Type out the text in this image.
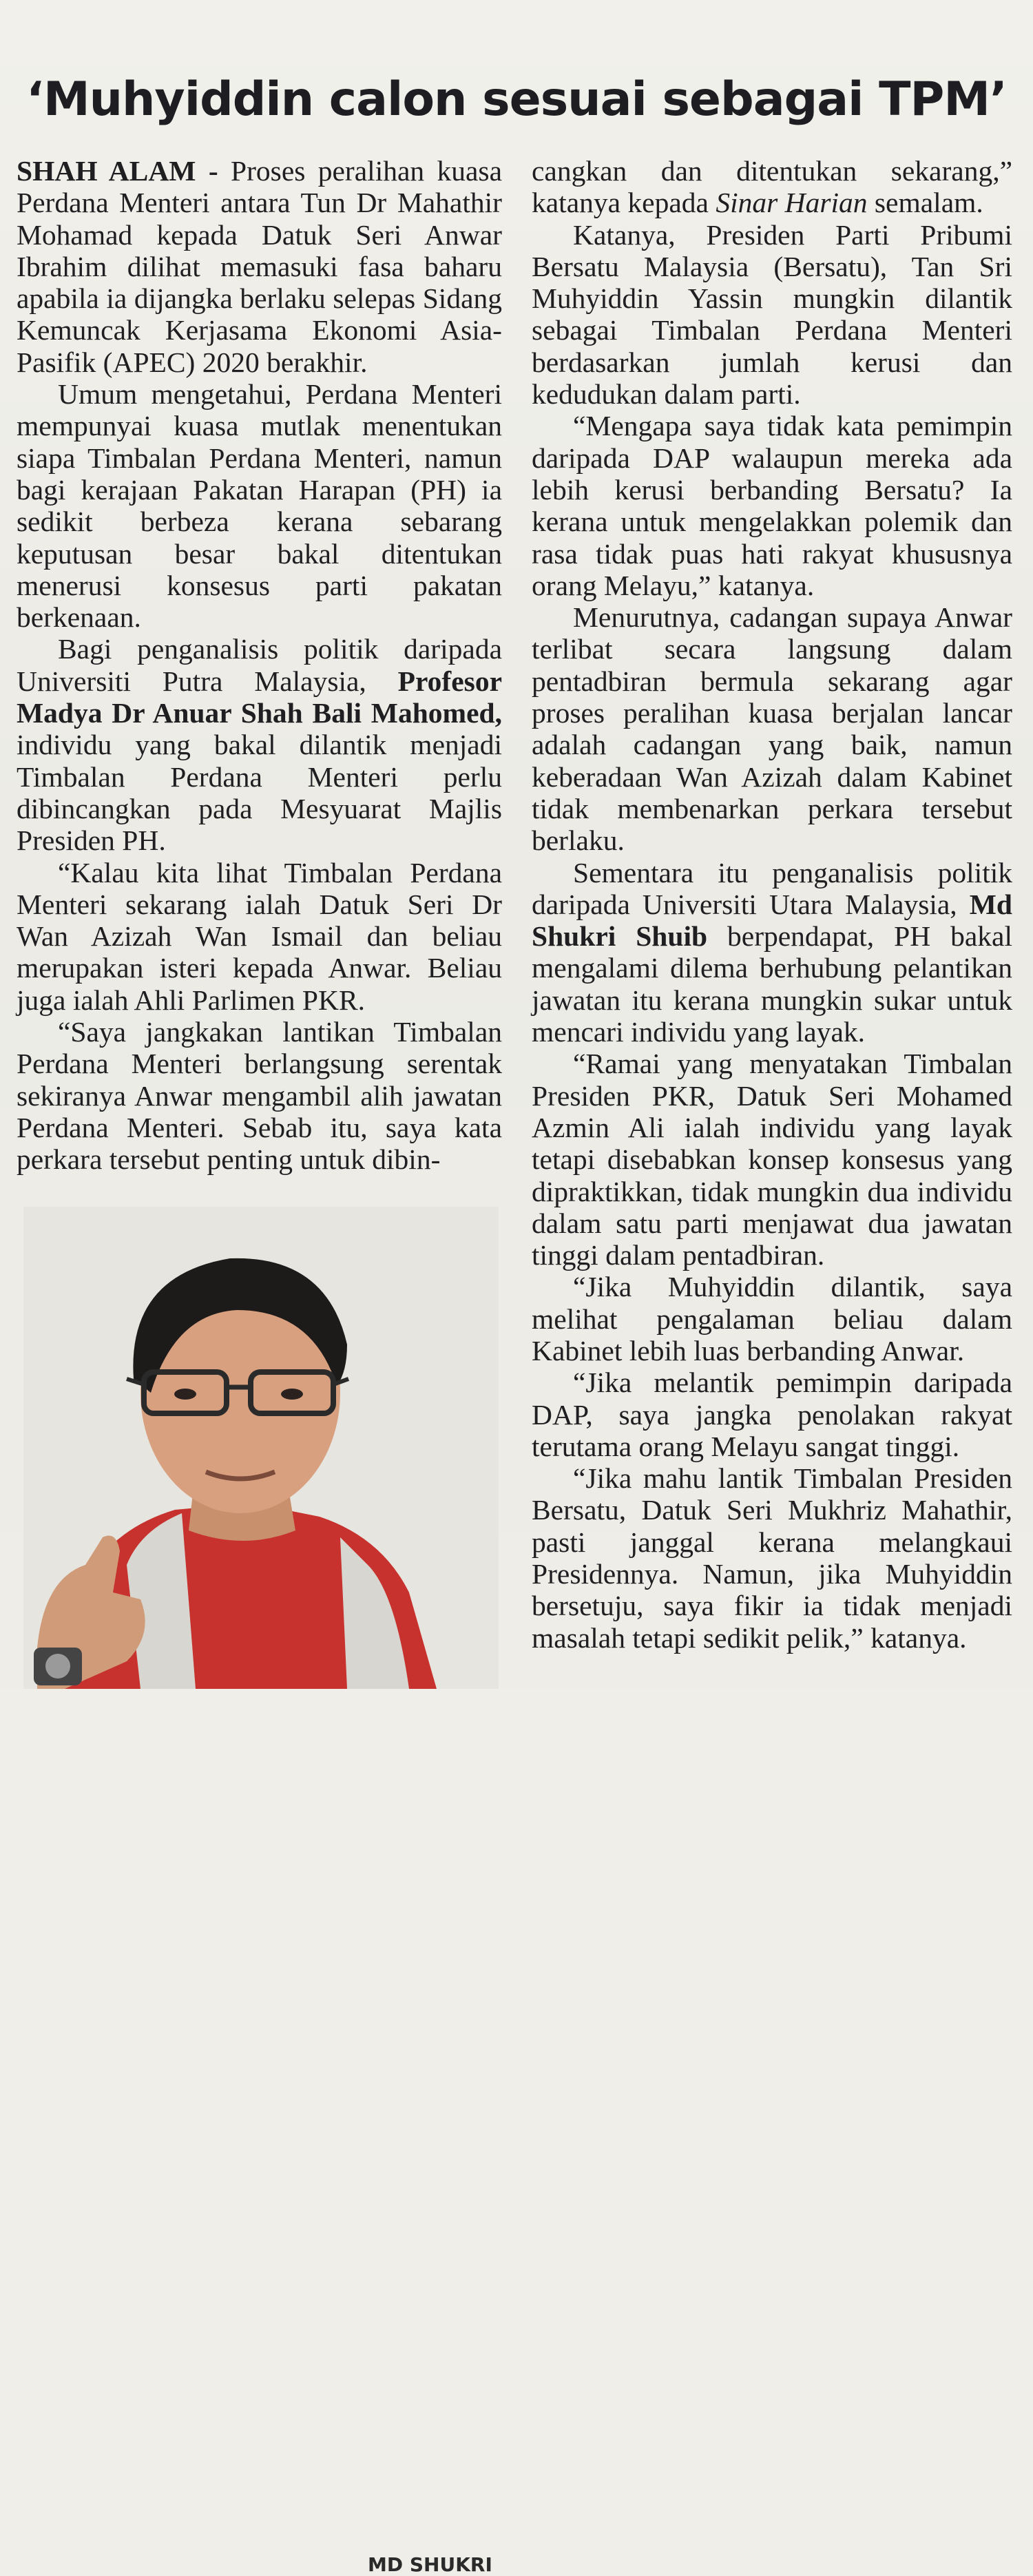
‘Muhyiddin calon sesuai sebagai TPM’

SHAH ALAM - Proses peralihan kuasa Perdana Menteri antara Tun Dr Mahathir Mohamad kepada Datuk Seri Anwar Ibrahim dilihat memasuki fasa baharu apabila ia dijangka berlaku selepas Sidang Kemuncak Kerjasama Ekonomi Asia-Pasifik (APEC) 2020 berakhir.

Umum mengetahui, Perdana Menteri mempunyai kuasa mutlak menentukan siapa Timbalan Perdana Menteri, namun bagi kerajaan Pakatan Harapan (PH) ia sedikit berbeza kerana sebarang keputusan besar bakal ditentukan menerusi konsesus parti pakatan berkenaan.

Bagi penganalisis politik daripada Universiti Putra Malaysia, Profesor Madya Dr Anuar Shah Bali Mahomed, individu yang bakal dilantik menjadi Timbalan Perdana Menteri perlu dibincangkan pada Mesyuarat Majlis Presiden PH.

“Kalau kita lihat Timbalan Perdana Menteri sekarang ialah Datuk Seri Dr Wan Azizah Wan Ismail dan beliau merupakan isteri kepada Anwar. Beliau juga ialah Ahli Parlimen PKR.

“Saya jangkakan lantikan Timbalan Perdana Menteri berlangsung serentak sekiranya Anwar mengambil alih jawatan Perdana Menteri. Sebab itu, saya kata perkara tersebut penting untuk dibin-

cangkan dan ditentukan sekarang,” katanya kepada Sinar Harian semalam.

Katanya, Presiden Parti Pribumi Bersatu Malaysia (Bersatu), Tan Sri Muhyiddin Yassin mungkin dilantik sebagai Timbalan Perdana Menteri berdasarkan jumlah kerusi dan kedudukan dalam parti.

“Mengapa saya tidak kata pemimpin daripada DAP walaupun mereka ada lebih kerusi berbanding Bersatu? Ia kerana untuk mengelakkan polemik dan rasa tidak puas hati rakyat khususnya orang Melayu,” katanya.

Menurutnya, cadangan supaya Anwar terlibat secara langsung dalam pentadbiran bermula sekarang agar proses peralihan kuasa berjalan lancar adalah cadangan yang baik, namun keberadaan Wan Azizah dalam Kabinet tidak membenarkan perkara tersebut berlaku.

Sementara itu penganalisis politik daripada Universiti Utara Malaysia, Md Shukri Shuib berpendapat, PH bakal mengalami dilema berhubung pelantikan jawatan itu kerana mungkin sukar untuk mencari individu yang layak.

“Ramai yang menyatakan Timbalan Presiden PKR, Datuk Seri Mohamed Azmin Ali ialah individu yang layak tetapi disebabkan konsep konsesus yang dipraktikkan, tidak mungkin dua individu dalam satu parti menjawat dua jawatan tinggi dalam pentadbiran.

“Jika Muhyiddin dilantik, saya melihat pengalaman beliau dalam Kabinet lebih luas berbanding Anwar.

“Jika melantik pemimpin daripada DAP, saya jangka penolakan rakyat terutama orang Melayu sangat tinggi.

“Jika mahu lantik Timbalan Presiden Bersatu, Datuk Seri Mukhriz Mahathir, pasti janggal kerana melangkaui Presidennya. Namun, jika Muhyiddin bersetuju, saya fikir ia tidak menjadi masalah tetapi sedikit pelik,” katanya.

MD SHUKRI
